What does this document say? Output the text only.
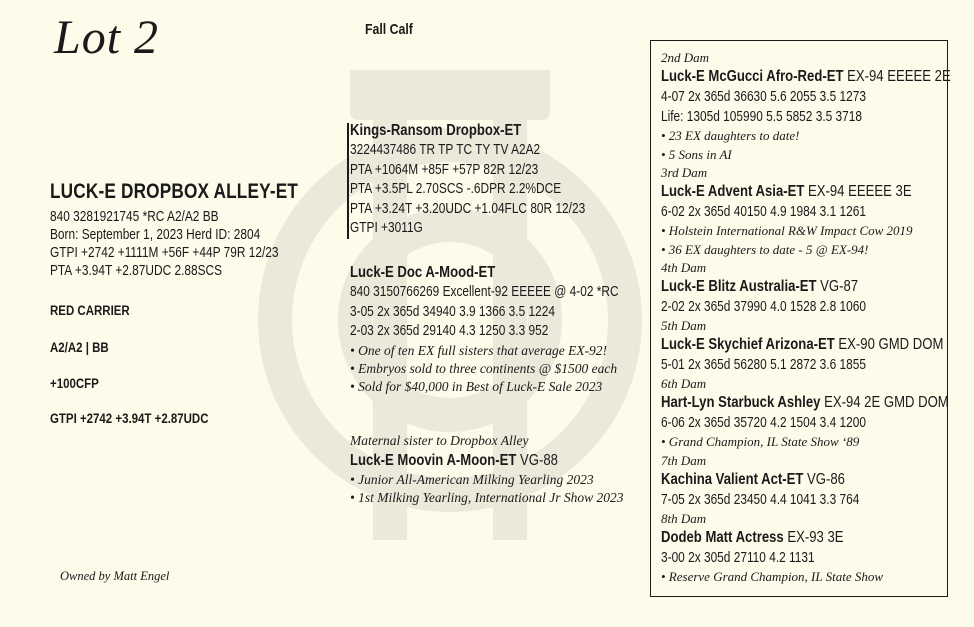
Lot 2	Fall Calf
LUCK-E DROPBOX ALLEY-ET
840 3281921745 *RC A2/A2 BB
Born: September 1, 2023 Herd ID: 2804
GTPI +2742 +1111M +56F +44P 79R 12/23
PTA +3.94T +2.87UDC 2.88SCS
RED CARRIER
A2/A2 | BB
+100CFP
GTPI +2742 +3.94T +2.87UDC
Owned by Matt Engel
Kings-Ransom Dropbox-ET
3224437486 TR TP TC TY TV A2A2
PTA +1064M +85F +57P 82R 12/23
PTA +3.5PL 2.70SCS -.6DPR 2.2%DCE
PTA +3.24T +3.20UDC +1.04FLC 80R 12/23
GTPI +3011G
Luck-E Doc A-Mood-ET
840 3150766269 Excellent-92 EEEEE @ 4-02 *RC
3-05 2x 365d 34940 3.9 1366 3.5 1224
2-03 2x 365d 29140 4.3 1250 3.3 952
• One of ten EX full sisters that average EX-92!
• Embryos sold to three continents @ $1500 each
• Sold for $40,000 in Best of Luck-E Sale 2023
Maternal sister to Dropbox Alley
Luck-E Moovin A-Moon-ET VG-88
• Junior All-American Milking Yearling 2023
• 1st Milking Yearling, International Jr Show 2023
2nd Dam
Luck-E McGucci Afro-Red-ET EX-94 EEEEE 2E
4-07 2x 365d 36630 5.6 2055 3.5 1273
Life: 1305d 105990 5.5 5852 3.5 3718
• 23 EX daughters to date!
• 5 Sons in AI
3rd Dam
Luck-E Advent Asia-ET EX-94 EEEEE 3E
6-02 2x 365d 40150 4.9 1984 3.1 1261
• Holstein International R&W Impact Cow 2019
• 36 EX daughters to date - 5 @ EX-94!
4th Dam
Luck-E Blitz Australia-ET VG-87
2-02 2x 365d 37990 4.0 1528 2.8 1060
5th Dam
Luck-E Skychief Arizona-ET EX-90 GMD DOM
5-01 2x 365d 56280 5.1 2872 3.6 1855
6th Dam
Hart-Lyn Starbuck Ashley EX-94 2E GMD DOM
6-06 2x 365d 35720 4.2 1504 3.4 1200
• Grand Champion, IL State Show ‘89
7th Dam
Kachina Valient Act-ET VG-86
7-05 2x 365d 23450 4.4 1041 3.3 764
8th Dam
Dodeb Matt Actress EX-93 3E
3-00 2x 305d 27110 4.2 1131
• Reserve Grand Champion, IL State Show
